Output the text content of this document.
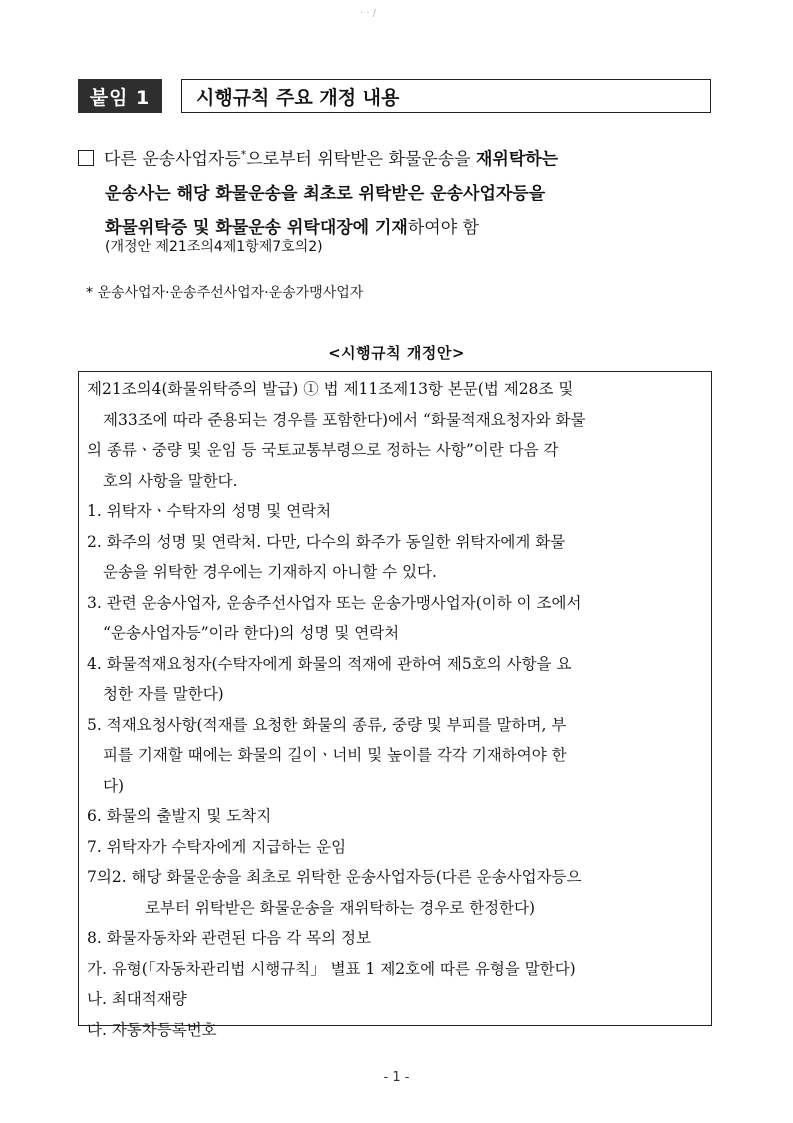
· · /
붙임 1	시행규칙 주요 개정 내용
다른 운송사업자등*으로부터 위탁받은 화물운송을 재위탁하는
운송사는 해당 화물운송을 최초로 위탁받은 운송사업자등을
화물위탁증 및 화물운송 위탁대장에 기재하여야 함
(개정안 제21조의4제1항제7호의2)
* 운송사업자·운송주선사업자·운송가맹사업자
<시행규칙 개정안>
제21조의4(화물위탁증의 발급) ① 법 제11조제13항 본문(법 제28조 및
제33조에 따라 준용되는 경우를 포함한다)에서 “화물적재요청자와 화물
의 종류ㆍ중량 및 운임 등 국토교통부령으로 정하는 사항”이란 다음 각
호의 사항을 말한다.
1. 위탁자ㆍ수탁자의 성명 및 연락처
2. 화주의 성명 및 연락처. 다만, 다수의 화주가 동일한 위탁자에게 화물
운송을 위탁한 경우에는 기재하지 아니할 수 있다.
3. 관련 운송사업자, 운송주선사업자 또는 운송가맹사업자(이하 이 조에서
“운송사업자등”이라 한다)의 성명 및 연락처
4. 화물적재요청자(수탁자에게 화물의 적재에 관하여 제5호의 사항을 요
청한 자를 말한다)
5. 적재요청사항(적재를 요청한 화물의 종류, 중량 및 부피를 말하며, 부
피를 기재할 때에는 화물의 길이ㆍ너비 및 높이를 각각 기재하여야 한
다)
6. 화물의 출발지 및 도착지
7. 위탁자가 수탁자에게 지급하는 운임
7의2. 해당 화물운송을 최초로 위탁한 운송사업자등(다른 운송사업자등으
로부터 위탁받은 화물운송을 재위탁하는 경우로 한정한다)
8. 화물자동차와 관련된 다음 각 목의 정보
가. 유형(「자동차관리법 시행규칙」 별표 1 제2호에 따른 유형을 말한다)
나. 최대적재량
다. 자동차등록번호
- 1 -
